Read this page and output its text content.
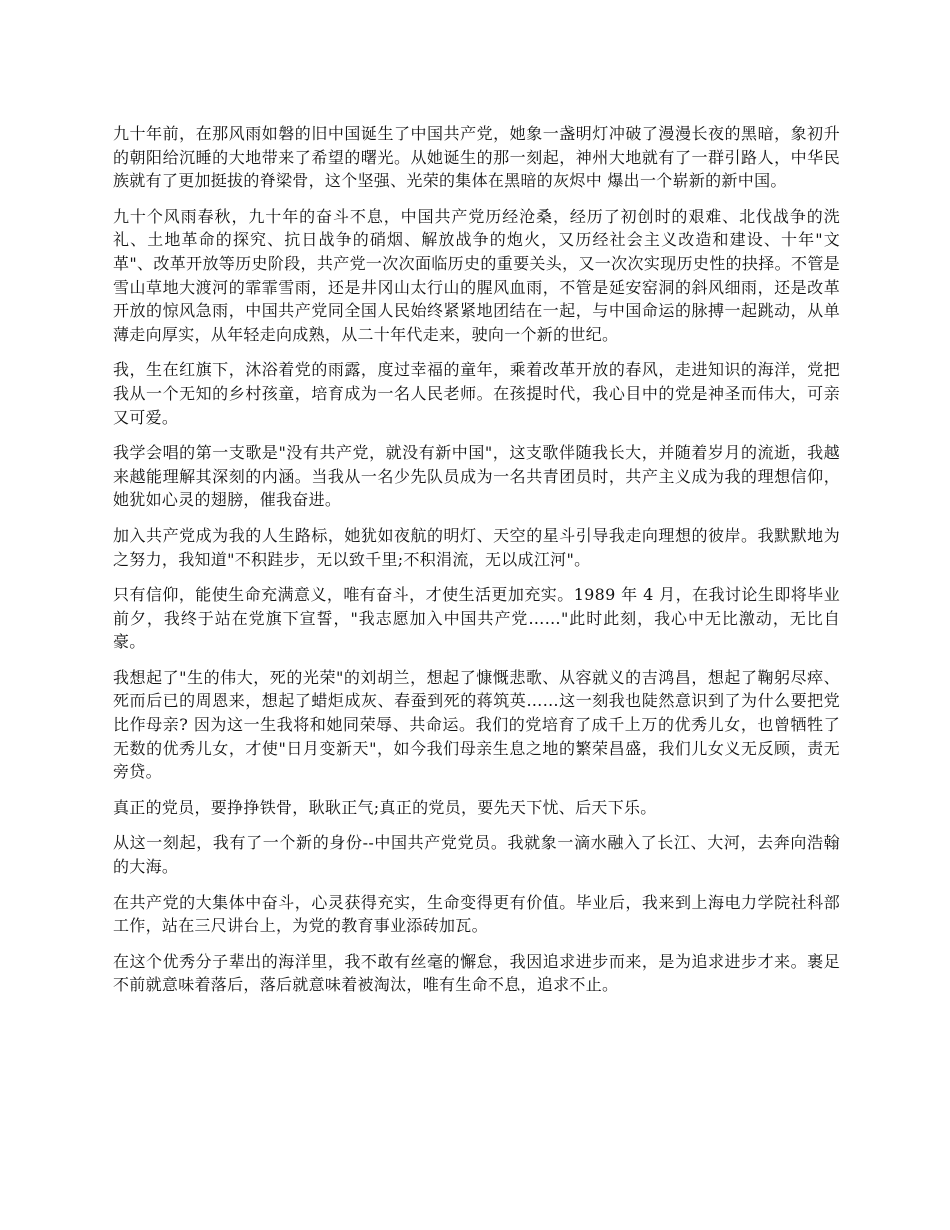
九十年前，在那风雨如磐的旧中国诞生了中国共产党，她象一盏明灯冲破了漫漫长夜的黑暗，象初升的朝阳给沉睡的大地带来了希望的曙光。从她诞生的那一刻起，神州大地就有了一群引路人，中华民族就有了更加挺拔的脊梁骨，这个坚强、光荣的集体在黑暗的灰烬中 爆出一个崭新的新中国。

九十个风雨春秋，九十年的奋斗不息，中国共产党历经沧桑，经历了初创时的艰难、北伐战争的洗礼、土地革命的探究、抗日战争的硝烟、解放战争的炮火，又历经社会主义改造和建设、十年"文革"、改革开放等历史阶段，共产党一次次面临历史的重要关头，又一次次实现历史性的抉择。不管是雪山草地大渡河的霏霏雪雨，还是井冈山太行山的腥风血雨，不管是延安窑洞的斜风细雨，还是改革开放的惊风急雨，中国共产党同全国人民始终紧紧地团结在一起，与中国命运的脉搏一起跳动，从单薄走向厚实，从年轻走向成熟，从二十年代走来，驶向一个新的世纪。

我，生在红旗下，沐浴着党的雨露，度过幸福的童年，乘着改革开放的春风，走进知识的海洋，党把我从一个无知的乡村孩童，培育成为一名人民老师。在孩提时代，我心目中的党是神圣而伟大，可亲又可爱。

我学会唱的第一支歌是"没有共产党，就没有新中国"，这支歌伴随我长大，并随着岁月的流逝，我越来越能理解其深刻的内涵。当我从一名少先队员成为一名共青团员时，共产主义成为我的理想信仰，她犹如心灵的翅膀，催我奋进。

加入共产党成为我的人生路标，她犹如夜航的明灯、天空的星斗引导我走向理想的彼岸。我默默地为 之努力，我知道"不积跬步，无以致千里;不积涓流，无以成江河"。

只有信仰，能使生命充满意义，唯有奋斗，才使生活更加充实。1989 年 4 月，在我讨论生即将毕业前夕，我终于站在党旗下宣誓，"我志愿加入中国共产党……"此时此刻，我心中无比激动，无比自豪。

我想起了"生的伟大，死的光荣"的刘胡兰，想起了慷慨悲歌、从容就义的吉鸿昌，想起了鞠躬尽瘁、死而后已的周恩来，想起了蜡炬成灰、春蚕到死的蒋筑英……这一刻我也陡然意识到了为什么要把党比作母亲? 因为这一生我将和她同荣辱、共命运。我们的党培育了成千上万的优秀儿女，也曾牺牲了无数的优秀儿女，才使"日月变新天"，如今我们母亲生息之地的繁荣昌盛，我们儿女义无反顾，责无旁贷。

真正的党员，要挣挣铁骨，耿耿正气;真正的党员，要先天下忧、后天下乐。

从这一刻起，我有了一个新的身份--中国共产党党员。我就象一滴水融入了长江、大河，去奔向浩翰的大海。

在共产党的大集体中奋斗，心灵获得充实，生命变得更有价值。毕业后，我来到上海电力学院社科部工作，站在三尺讲台上，为党的教育事业添砖加瓦。

在这个优秀分子辈出的海洋里，我不敢有丝毫的懈怠，我因追求进步而来，是为追求进步才来。裹足不前就意味着落后，落后就意味着被淘汰，唯有生命不息，追求不止。
